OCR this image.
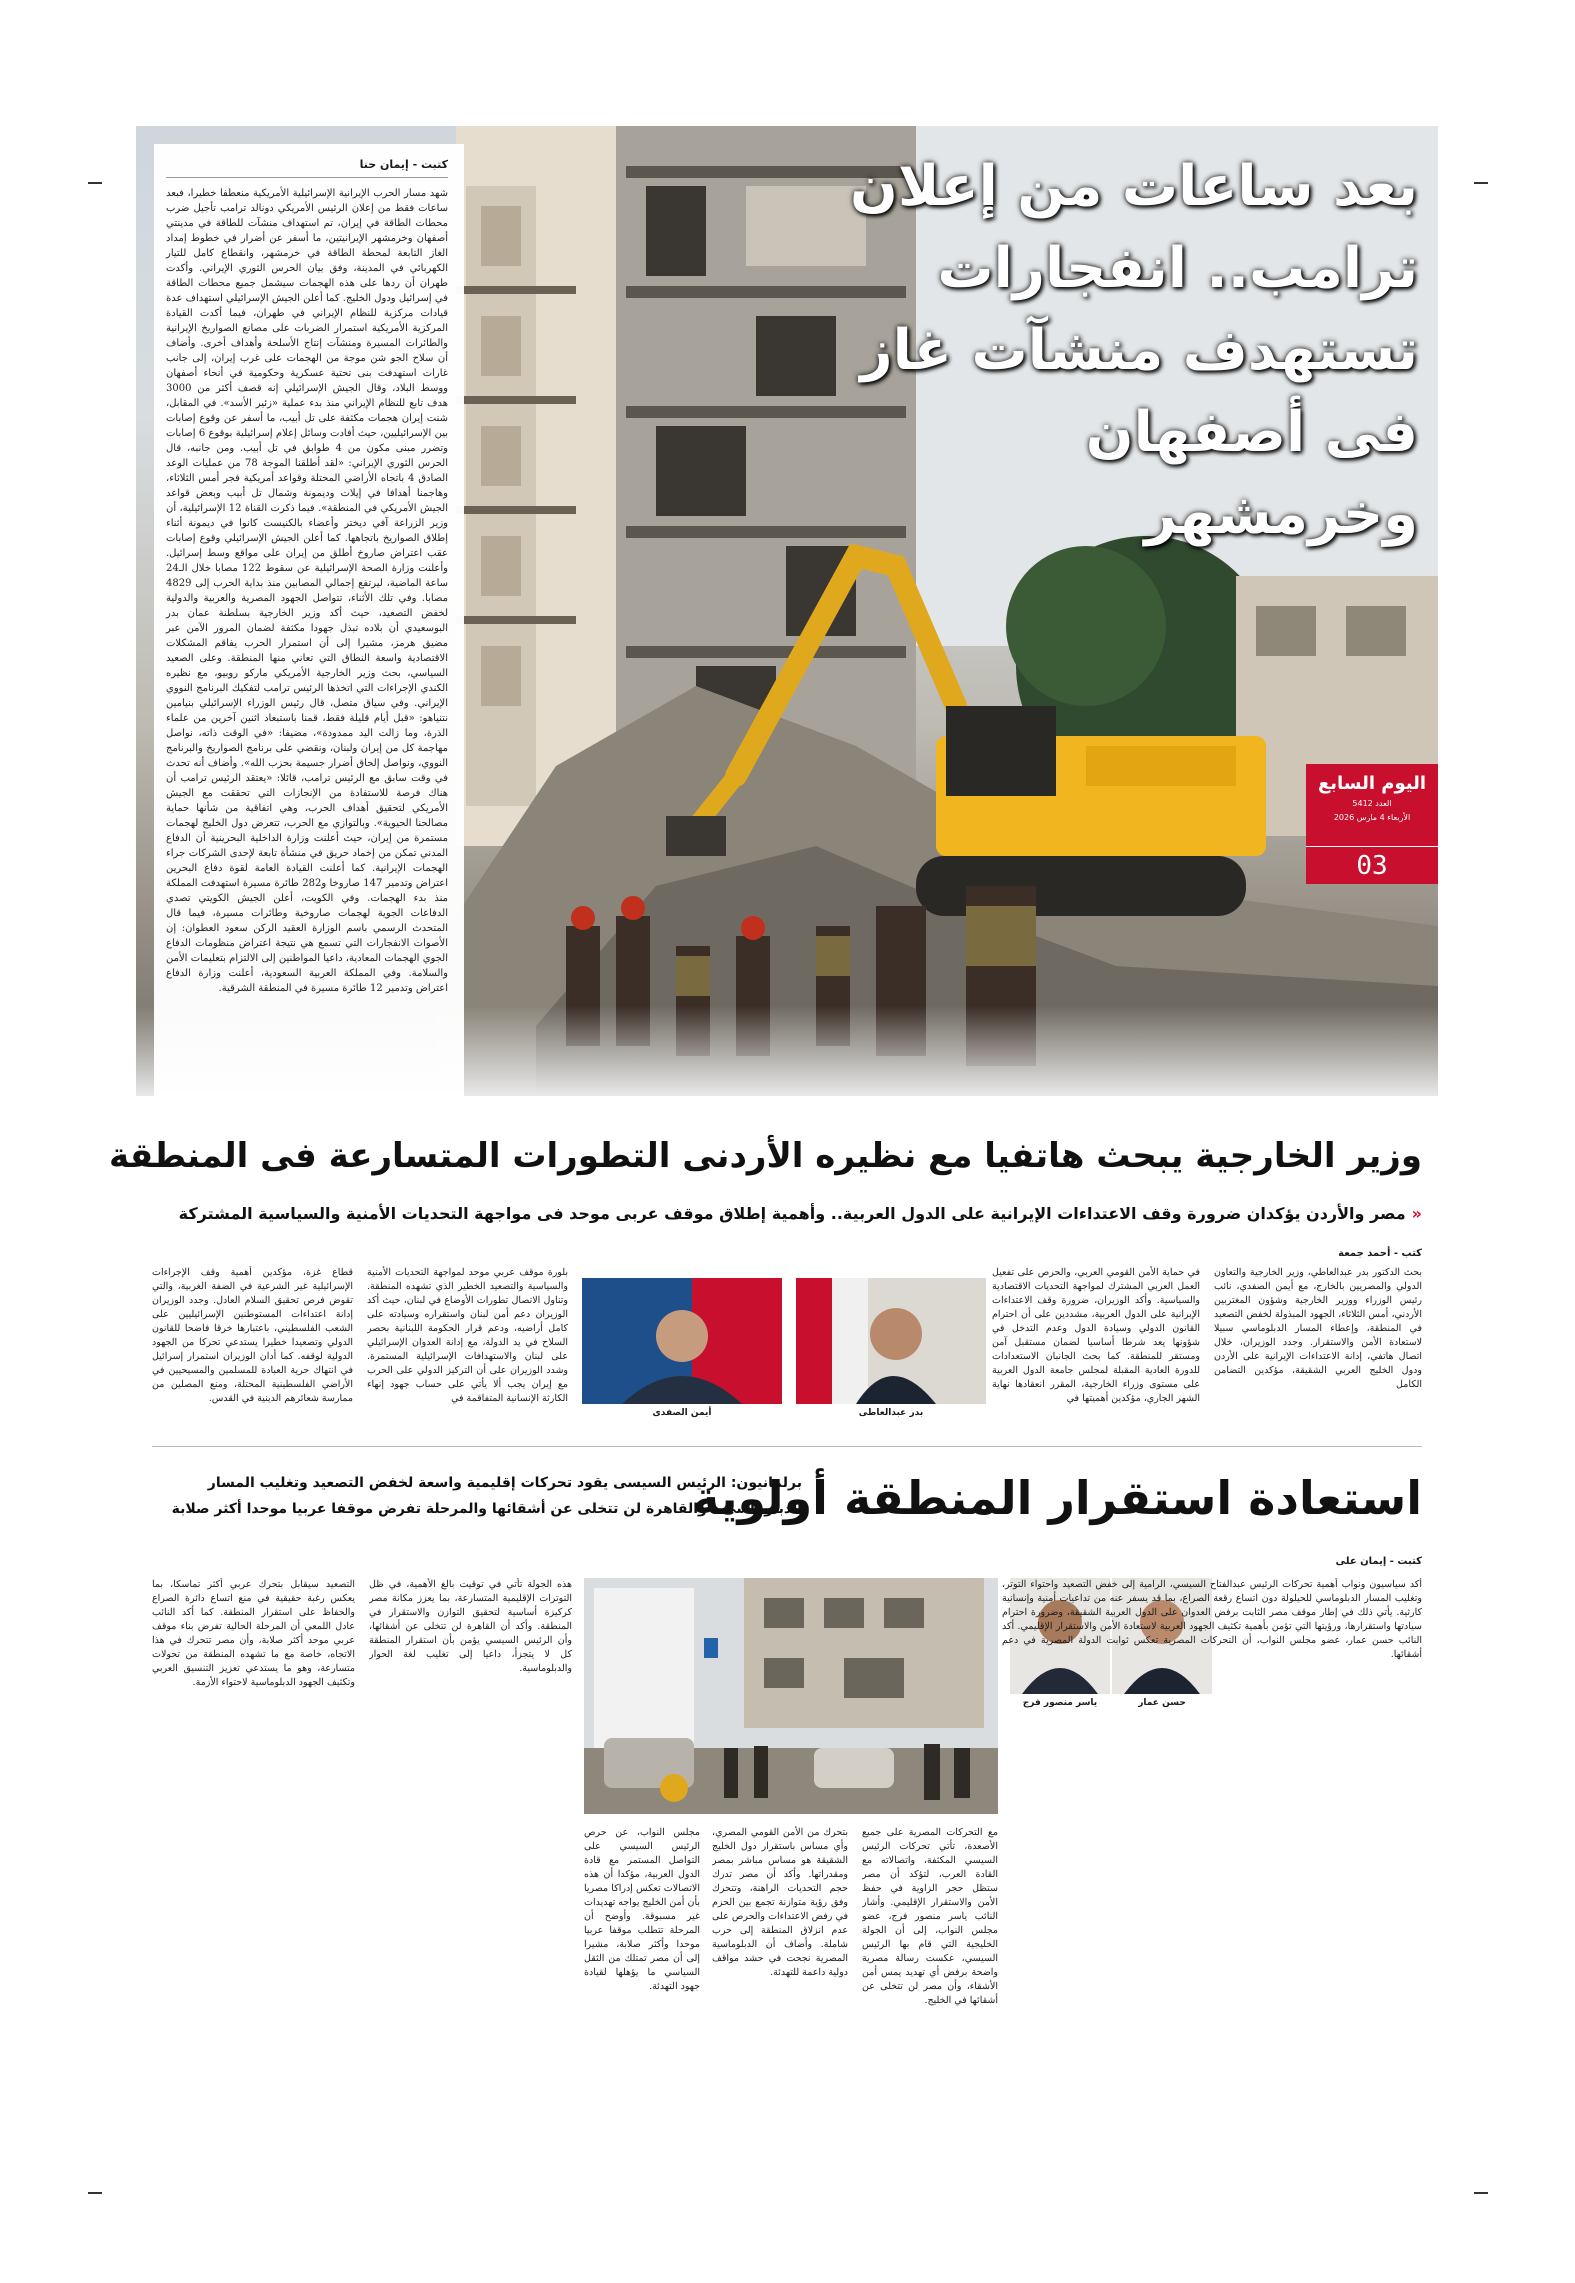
بعد ساعات من إعلان
ترامب.. انفجارات
تستهدف منشآت غاز
فى أصفهان وخرمشهر
كتبت - إيمان حنا
شهد مسار الحرب الإيرانية الإسرائيلية الأمريكية منعطفا خطيرا، فبعد ساعات فقط من إعلان الرئيس الأمريكي دونالد ترامب تأجيل ضرب محطات الطاقة في إيران، تم استهداف منشآت للطاقة في مدينتي أصفهان وخرمشهر الإيرانيتين، ما أسفر عن أضرار في خطوط إمداد الغاز التابعة لمحطة الطاقة في خرمشهر، وانقطاع كامل للتيار الكهربائي في المدينة، وفق بيان الحرس الثوري الإيراني. وأكدت طهران أن ردها على هذه الهجمات سيشمل جميع محطات الطاقة في إسرائيل ودول الخليج. كما أعلن الجيش الإسرائيلي استهداف عدة قيادات مركزية للنظام الإيراني في طهران، فيما أكدت القيادة المركزية الأمريكية استمرار الضربات على مصانع الصواريخ الإيرانية والطائرات المسيرة ومنشآت إنتاج الأسلحة وأهداف أخرى. وأضاف أن سلاح الجو شن موجة من الهجمات على غرب إيران، إلى جانب غارات استهدفت بنى تحتية عسكرية وحكومية في أنحاء أصفهان ووسط البلاد، وقال الجيش الإسرائيلي إنه قصف أكثر من 3000 هدف تابع للنظام الإيراني منذ بدء عملية «زئير الأسد». في المقابل، شنت إيران هجمات مكثفة على تل أبيب، ما أسفر عن وقوع إصابات بين الإسرائيليين، حيث أفادت وسائل إعلام إسرائيلية بوقوع 6 إصابات وتضرر مبنى مكون من 4 طوابق في تل أبيب. ومن جانبه، قال الحرس الثوري الإيراني: «لقد أطلقنا الموجة 78 من عمليات الوعد الصادق 4 باتجاه الأراضي المحتلة وقواعد أمريكية فجر أمس الثلاثاء، وهاجمنا أهدافا في إيلات وديمونة وشمال تل أبيب وبعض قواعد الجيش الأمريكي في المنطقة». فيما ذكرت القناة 12 الإسرائيلية، أن وزير الزراعة آفي ديختر وأعضاء بالكنيست كانوا في ديمونة أثناء إطلاق الصواريخ باتجاهها. كما أعلن الجيش الإسرائيلي وقوع إصابات عقب اعتراض صاروخ أطلق من إيران على مواقع وسط إسرائيل. وأعلنت وزارة الصحة الإسرائيلية عن سقوط 122 مصابا خلال الـ24 ساعة الماضية، ليرتفع إجمالي المصابين منذ بداية الحرب إلى 4829 مصابا. وفي تلك الأثناء، تتواصل الجهود المصرية والعربية والدولية لخفض التصعيد، حيث أكد وزير الخارجية بسلطنة عمان بدر البوسعيدي أن بلاده تبذل جهودا مكثفة لضمان المرور الآمن عبر مضيق هرمز، مشيرا إلى أن استمرار الحرب يفاقم المشكلات الاقتصادية واسعة النطاق التي تعاني منها المنطقة. وعلى الصعيد السياسي، بحث وزير الخارجية الأمريكي ماركو روبيو، مع نظيره الكندي الإجراءات التي اتخذها الرئيس ترامب لتفكيك البرنامج النووي الإيراني. وفي سياق متصل، قال رئيس الوزراء الإسرائيلي بنيامين نتنياهو: «قبل أيام قليلة فقط، قمنا باستبعاد اثنين آخرين من علماء الذرة، وما زالت اليد ممدودة»، مضيفا: «في الوقت ذاته، نواصل مهاجمة كل من إيران ولبنان، ونقضي على برنامج الصواريخ والبرنامج النووي، ونواصل إلحاق أضرار جسيمة بحزب الله». وأضاف أنه تحدث في وقت سابق مع الرئيس ترامب، قائلا: «يعتقد الرئيس ترامب أن هناك فرصة للاستفادة من الإنجازات التي تحققت مع الجيش الأمريكي لتحقيق أهداف الحرب، وهي اتفاقية من شأنها حماية مصالحنا الحيوية». وبالتوازي مع الحرب، تتعرض دول الخليج لهجمات مستمرة من إيران، حيث أعلنت وزارة الداخلية البحرينية أن الدفاع المدني تمكن من إخماد حريق في منشأة تابعة لإحدى الشركات جراء الهجمات الإيرانية. كما أعلنت القيادة العامة لقوة دفاع البحرين اعتراض وتدمير 147 صاروخا و282 طائرة مسيرة استهدفت المملكة منذ بدء الهجمات. وفي الكويت، أعلن الجيش الكويتي تصدي الدفاعات الجوية لهجمات صاروخية وطائرات مسيرة، فيما قال المتحدث الرسمي باسم الوزارة العقيد الركن سعود العطوان: إن الأصوات الانفجارات التي تسمع هي نتيجة اعتراض منظومات الدفاع الجوي الهجمات المعادية، داعيا المواطنين إلى الالتزام بتعليمات الأمن والسلامة. وفي المملكة العربية السعودية، أعلنت وزارة الدفاع اعتراض وتدمير 12 طائرة مسيرة في المنطقة الشرقية.
اليوم السابع
العدد 5412
الأربعاء 4 مارس 2026
03
وزير الخارجية يبحث هاتفيا مع نظيره الأردنى التطورات المتسارعة فى المنطقة
«مصر والأردن يؤكدان ضرورة وقف الاعتداءات الإيرانية على الدول العربية.. وأهمية إطلاق موقف عربى موحد فى مواجهة التحديات الأمنية والسياسية المشتركة
كتب - أحمد جمعة
بحث الدكتور بدر عبدالعاطي، وزير الخارجية والتعاون الدولي والمصريين بالخارج، مع أيمن الصفدي، نائب رئيس الوزراء ووزير الخارجية وشؤون المغتربين الأردني، أمس الثلاثاء، الجهود المبذولة لخفض التصعيد في المنطقة، وإعطاء المسار الدبلوماسي سبيلا لاستعادة الأمن والاستقرار. وجدد الوزيران، خلال اتصال هاتفي، إدانة الاعتداءات الإيرانية على الأردن ودول الخليج العربي الشقيقة، مؤكدين التضامن الكامل
في حماية الأمن القومي العربي، والحرص على تفعيل العمل العربي المشترك لمواجهة التحديات الاقتصادية والسياسية. وأكد الوزيران، ضرورة وقف الاعتداءات الإيرانية على الدول العربية، مشددين على أن احترام القانون الدولي وسيادة الدول وعدم التدخل في شؤونها يعد شرطا أساسيا لضمان مستقبل آمن ومستقر للمنطقة. كما بحث الجانبان الاستعدادات للدورة العادية المقبلة لمجلس جامعة الدول العربية على مستوى وزراء الخارجية، المقرر انعقادها نهاية الشهر الجاري، مؤكدين أهميتها في
بدر عبدالعاطى
أيمن الصفدى
بلورة موقف عربي موحد لمواجهة التحديات الأمنية والسياسية والتصعيد الخطير الذي تشهده المنطقة. وتناول الاتصال تطورات الأوضاع في لبنان، حيث أكد الوزيران دعم أمن لبنان واستقراره وسيادته على كامل أراضيه، ودعم قرار الحكومة اللبنانية بحصر السلاح في يد الدولة، مع إدانة العدوان الإسرائيلي على لبنان والاستهدافات الإسرائيلية المستمرة. وشدد الوزيران على أن التركيز الدولي على الحرب مع إيران يجب ألا يأتي على حساب جهود إنهاء الكارثة الإنسانية المتفاقمة في
قطاع غزة، مؤكدين أهمية وقف الإجراءات الإسرائيلية غير الشرعية في الضفة الغربية، والتي تقوض فرص تحقيق السلام العادل. وجدد الوزيران إدانة اعتداءات المستوطنين الإسرائيليين على الشعب الفلسطيني، باعتبارها خرقا فاضحا للقانون الدولي وتصعيدا خطيرا يستدعي تحركا من الجهود الدولية لوقفه. كما أدان الوزيران استمرار إسرائيل في انتهاك حرية العبادة للمسلمين والمسيحيين في الأراضي الفلسطينية المحتلة، ومنع المصلين من ممارسة شعائرهم الدينية في القدس.
استعادة استقرار المنطقة أولوية
برلمانيون: الرئيس السيسى يقود تحركات إقليمية واسعة لخفض التصعيد وتغليب المسار الدبلوماسى.. والقاهرة لن تتخلى عن أشقائها والمرحلة تفرض موقفا عربيا موحدا أكثر صلابة
كتبت - إيمان على
حسن عمار
ياسر منصور فرج
أكد سياسيون ونواب أهمية تحركات الرئيس عبدالفتاح السيسي، الرامية إلى خفض التصعيد واحتواء التوتر، وتغليب المسار الدبلوماسي للحيلولة دون اتساع رقعة الصراع، بما قد يسفر عنه من تداعيات أمنية وإنسانية كارثية. يأتي ذلك في إطار موقف مصر الثابت برفض العدوان على الدول العربية الشقيقة، وضرورة احترام سيادتها واستقرارها، ورؤيتها التي تؤمن بأهمية تكثيف الجهود العربية لاستعادة الأمن والاستقرار الإقليمي. أكد النائب حسن عمار، عضو مجلس النواب، أن التحركات المصرية تعكس ثوابت الدولة المصرية في دعم أشقائها.
مع التحركات المصرية على جميع الأصعدة، تأتي تحركات الرئيس السيسي المكثفة، واتصالاته مع القادة العرب، لتؤكد أن مصر ستظل حجر الزاوية في حفظ الأمن والاستقرار الإقليمي. وأشار النائب ياسر منصور فرج، عضو مجلس النواب، إلى أن الجولة الخليجية التي قام بها الرئيس السيسي، عكست رسالة مصرية واضحة برفض أي تهديد يمس أمن الأشقاء، وأن مصر لن تتخلى عن أشقائها في الخليج.
بتحرك من الأمن القومي المصري، وأي مساس باستقرار دول الخليج الشقيقة هو مساس مباشر بمصر ومقدراتها. وأكد أن مصر تدرك حجم التحديات الراهنة، وتتحرك وفق رؤية متوازنة تجمع بين الحزم في رفض الاعتداءات والحرص على عدم انزلاق المنطقة إلى حرب شاملة. وأضاف أن الدبلوماسية المصرية نجحت في حشد مواقف دولية داعمة للتهدئة.
مجلس النواب، عن حرص الرئيس السيسي على التواصل المستمر مع قادة الدول العربية، مؤكدا أن هذه الاتصالات تعكس إدراكا مصريا بأن أمن الخليج يواجه تهديدات غير مسبوقة. وأوضح أن المرحلة تتطلب موقفا عربيا موحدا وأكثر صلابة، مشيرا إلى أن مصر تمتلك من الثقل السياسي ما يؤهلها لقيادة جهود التهدئة.
هذه الجولة تأتي في توقيت بالغ الأهمية، في ظل التوترات الإقليمية المتسارعة، بما يعزز مكانة مصر كركيزة أساسية لتحقيق التوازن والاستقرار في المنطقة. وأكد أن القاهرة لن تتخلى عن أشقائها، وأن الرئيس السيسي يؤمن بأن استقرار المنطقة كل لا يتجزأ، داعيا إلى تغليب لغة الحوار والدبلوماسية.
التصعيد سيقابل بتحرك عربي أكثر تماسكا، بما يعكس رغبة حقيقية في منع اتساع دائرة الصراع والحفاظ على استقرار المنطقة. كما أكد النائب عادل اللمعي أن المرحلة الحالية تفرض بناء موقف عربي موحد أكثر صلابة، وأن مصر تتحرك في هذا الاتجاه، خاصة مع ما تشهده المنطقة من تحولات متسارعة، وهو ما يستدعي تعزيز التنسيق العربي وتكثيف الجهود الدبلوماسية لاحتواء الأزمة.
